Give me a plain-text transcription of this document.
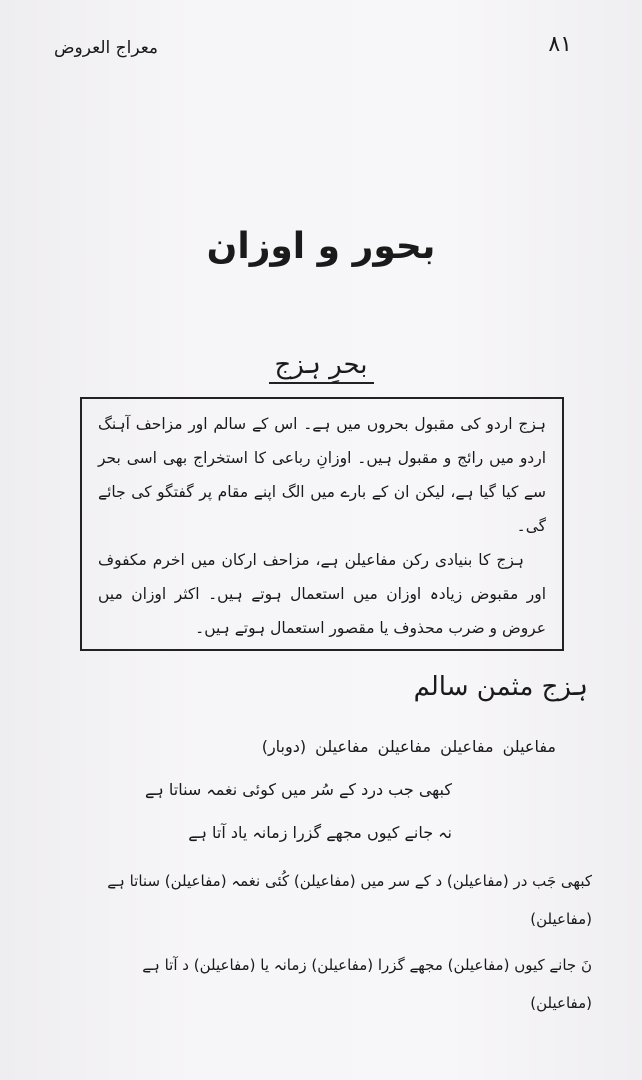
٨١
معراج العروض
بحور و اوزان
بحرِ ہزج

ہزج اردو کی مقبول بحروں میں ہے۔ اس کے سالم اور مزاحف آہنگ اردو میں رائج و مقبول ہیں۔ اوزانِ رباعی کا استخراج بھی اسی بحر سے کیا گیا ہے، لیکن ان کے بارے میں الگ اپنے مقام پر گفتگو کی جائے گی۔

ہزج کا بنیادی رکن مفاعیلن ہے، مزاحف ارکان میں اخرم مکفوف اور مقبوض زیادہ اوزان میں استعمال ہوتے ہیں۔ اکثر اوزان میں عروض و ضرب محذوف یا مقصور استعمال ہوتے ہیں۔

ہزج مثمن سالم
مفاعیلن مفاعیلن مفاعیلن مفاعیلن (دوبار)
کبھی جب درد کے سُر میں کوئی نغمہ سناتا ہے
نہ جانے کیوں مجھے گزرا زمانہ یاد آتا ہے
کبھی جَب در (مفاعیلن) د کے سر میں (مفاعیلن) کُئی نغمہ (مفاعیلن) سناتا ہے
(مفاعیلن)
نَ جانے کیوں (مفاعیلن) مجھے گزرا (مفاعیلن) زمانہ یا (مفاعیلن) د آتا ہے
(مفاعیلن)
